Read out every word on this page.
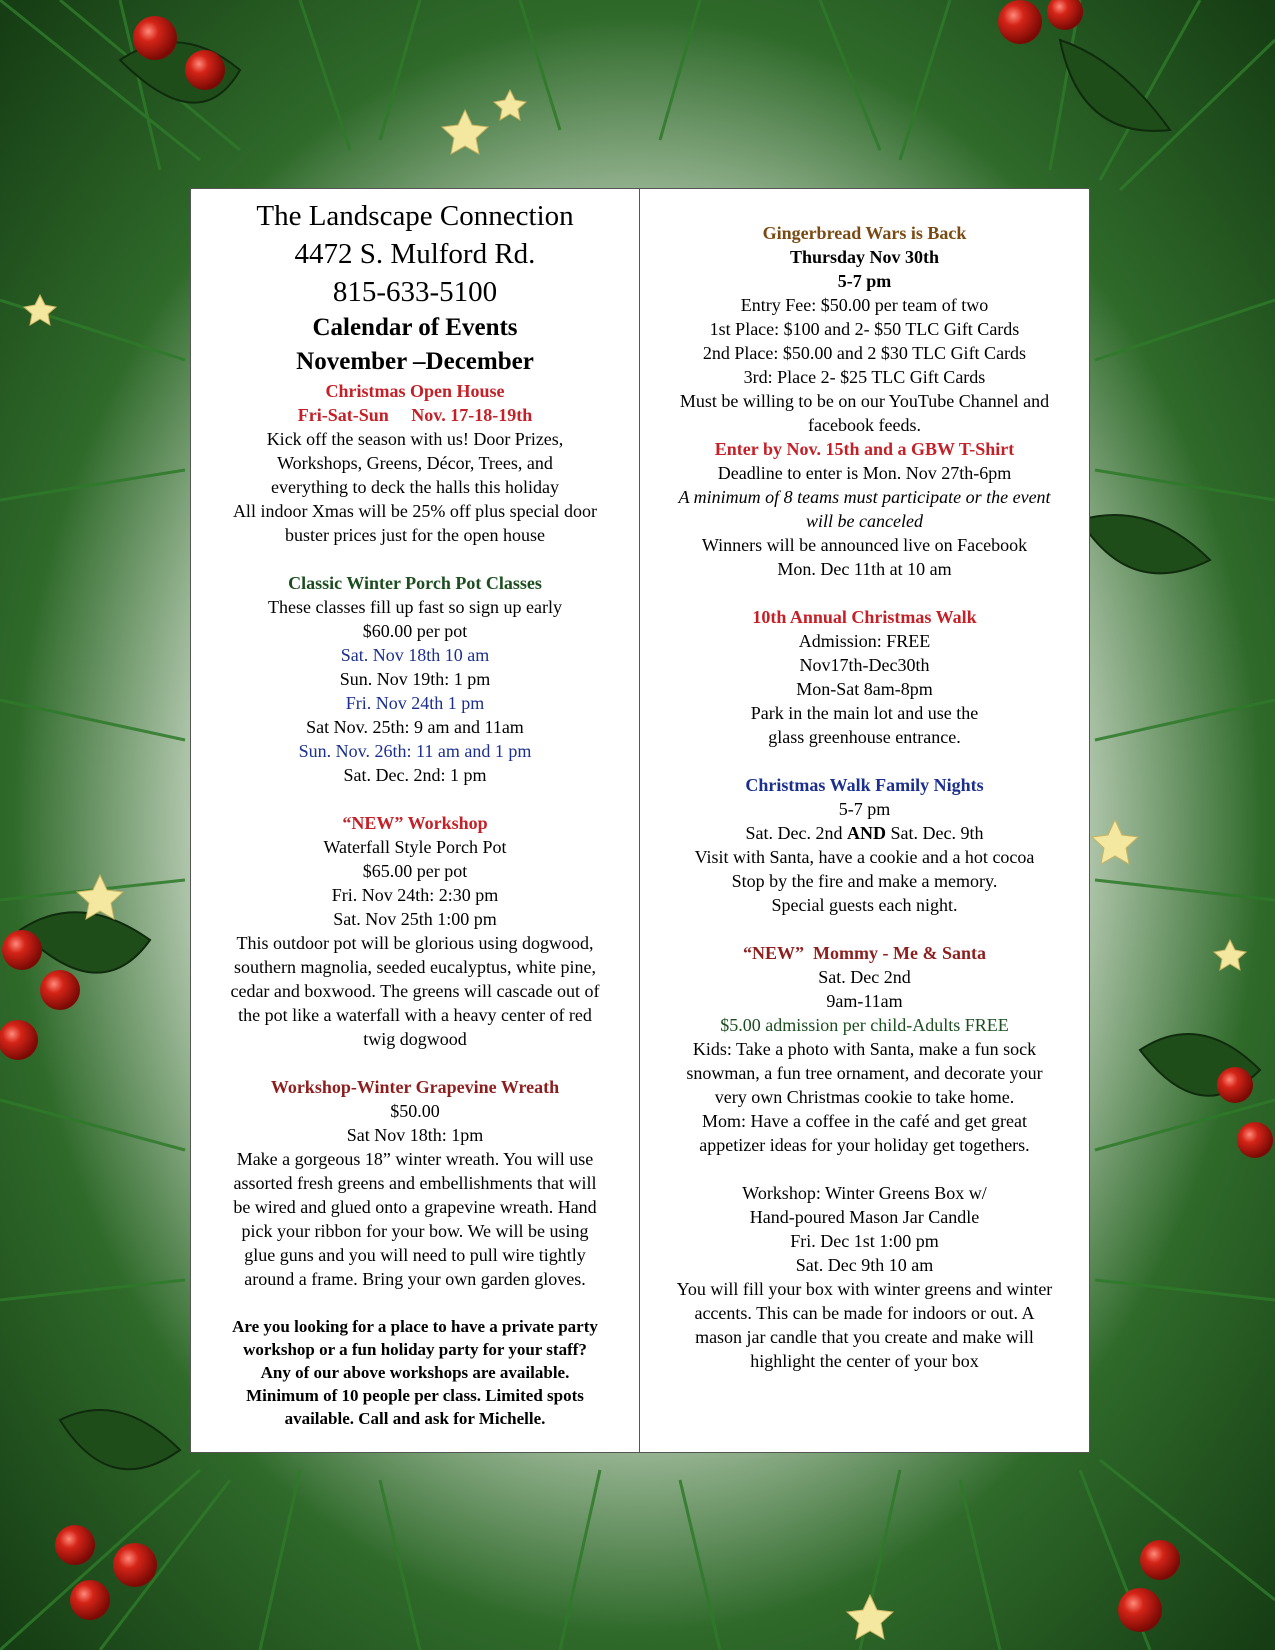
The Landscape Connection
4472 S. Mulford Rd.
815-633-5100
Calendar of Events
November –December
Christmas Open House
Fri-Sat-Sun     Nov. 17-18-19th
Kick off the season with us! Door Prizes,
Workshops, Greens, Décor, Trees, and
everything to deck the halls this holiday
All indoor Xmas will be 25% off plus special door
buster prices just for the open house
Classic Winter Porch Pot Classes
These classes fill up fast so sign up early
$60.00 per pot
Sat. Nov 18th 10 am
Sun. Nov 19th: 1 pm
Fri. Nov 24th 1 pm
Sat Nov. 25th: 9 am and 11am
Sun. Nov. 26th: 11 am and 1 pm
Sat. Dec. 2nd: 1 pm
“NEW” Workshop
Waterfall Style Porch Pot
$65.00 per pot
Fri. Nov 24th: 2:30 pm
Sat. Nov 25th 1:00 pm
This outdoor pot will be glorious using dogwood,
southern magnolia, seeded eucalyptus, white pine,
cedar and boxwood. The greens will cascade out of
the pot like a waterfall with a heavy center of red
twig dogwood
Workshop-Winter Grapevine Wreath
$50.00
Sat Nov 18th: 1pm
Make a gorgeous 18” winter wreath. You will use
assorted fresh greens and embellishments that will
be wired and glued onto a grapevine wreath. Hand
pick your ribbon for your bow. We will be using
glue guns and you will need to pull wire tightly
around a frame. Bring your own garden gloves.
Are you looking for a place to have a private party
workshop or a fun holiday party for your staff?
Any of our above workshops are available.
Minimum of 10 people per class. Limited spots
available. Call and ask for Michelle.
Gingerbread Wars is Back
Thursday Nov 30th
5-7 pm
Entry Fee: $50.00 per team of two
1st Place: $100 and 2- $50 TLC Gift Cards
2nd Place: $50.00 and 2 $30 TLC Gift Cards
3rd: Place 2- $25 TLC Gift Cards
Must be willing to be on our YouTube Channel and
facebook feeds.
Enter by Nov. 15th and a GBW T-Shirt
Deadline to enter is Mon. Nov 27th-6pm
A minimum of 8 teams must participate or the event
will be canceled
Winners will be announced live on Facebook
Mon. Dec 11th at 10 am
10th Annual Christmas Walk
Admission: FREE
Nov17th-Dec30th
Mon-Sat 8am-8pm
Park in the main lot and use the
glass greenhouse entrance.
Christmas Walk Family Nights
5-7 pm
Sat. Dec. 2nd AND Sat. Dec. 9th
Visit with Santa, have a cookie and a hot cocoa
Stop by the fire and make a memory.
Special guests each night.
“NEW”  Mommy - Me & Santa
Sat. Dec 2nd
9am-11am
$5.00 admission per child-Adults FREE
Kids: Take a photo with Santa, make a fun sock
snowman, a fun tree ornament, and decorate your
very own Christmas cookie to take home.
Mom: Have a coffee in the café and get great
appetizer ideas for your holiday get togethers.
Workshop: Winter Greens Box w/
Hand-poured Mason Jar Candle
Fri. Dec 1st 1:00 pm
Sat. Dec 9th 10 am
You will fill your box with winter greens and winter
accents. This can be made for indoors or out. A
mason jar candle that you create and make will
highlight the center of your box
